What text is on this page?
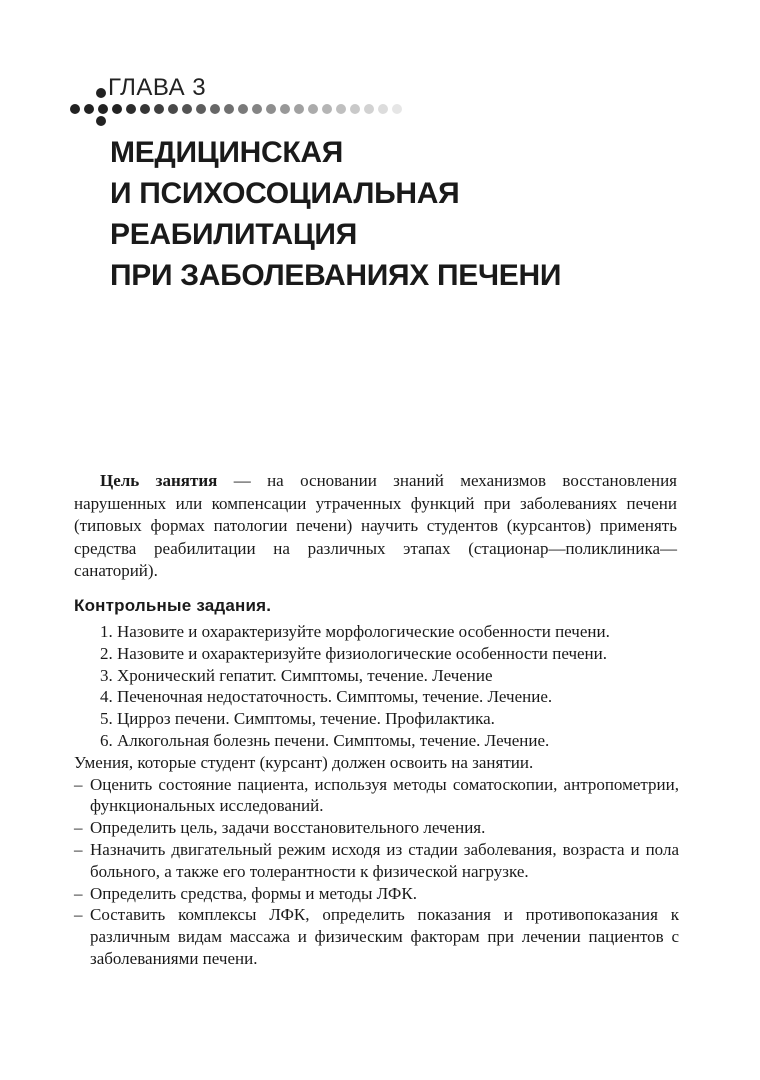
ГЛАВА 3
МЕДИЦИНСКАЯ
И ПСИХОСОЦИАЛЬНАЯ
РЕАБИЛИТАЦИЯ
ПРИ ЗАБОЛЕВАНИЯХ ПЕЧЕНИ

Цель занятия — на основании знаний механизмов восстановления нарушенных или компенсации утраченных функций при заболеваниях печени (типовых формах патологии печени) научить студентов (курсантов) применять средства реабилитации на различных этапах (стационар—поликлиника—санаторий).

Контрольные задания.
1. Назовите и охарактеризуйте морфологические особенности печени.
2. Назовите и охарактеризуйте физиологические особенности печени.
3. Хронический гепатит. Симптомы, течение. Лечение
4. Печеночная недостаточность. Симптомы, течение. Лечение.
5. Цирроз печени. Симптомы, течение. Профилактика.
6. Алкогольная болезнь печени. Симптомы, течение. Лечение.
Умения, которые студент (курсант) должен освоить на занятии.
– Оценить состояние пациента, используя методы соматоскопии, антропометрии, функциональных исследований.
– Определить цель, задачи восстановительного лечения.
– Назначить двигательный режим исходя из стадии заболевания, возраста и пола больного, а также его толерантности к физической нагрузке.
– Определить средства, формы и методы ЛФК.
– Составить комплексы ЛФК, определить показания и противопоказания к различным видам массажа и физическим факторам при лечении пациентов с заболеваниями печени.
